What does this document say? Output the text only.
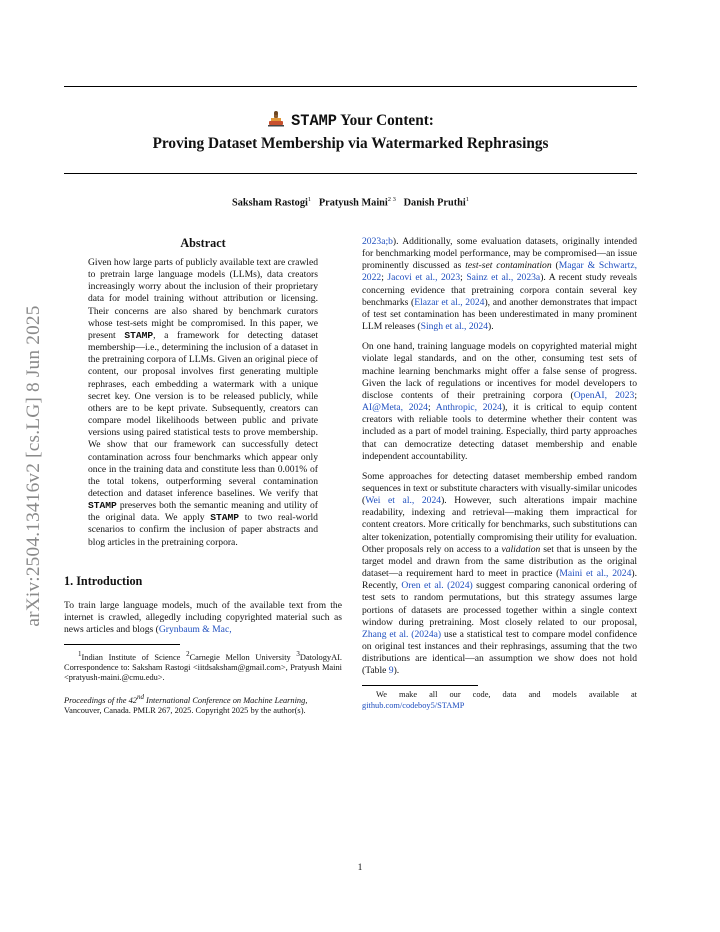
STAMP Your Content:
Proving Dataset Membership via Watermarked Rephrasings
Saksham Rastogi$^1$ Pratyush Maini$^{2 3}$ Danish Pruthi$^1$
arXiv:2504.13416v2 [cs.LG] 8 Jun 2025
Abstract
Given how large parts of publicly available text are crawled to pretrain large language models (LLMs), data creators increasingly worry about the inclusion of their proprietary data for model training without attribution or licensing. Their concerns are also shared by benchmark curators whose test-sets might be compromised. In this paper, we present STAMP, a framework for detecting dataset membership—i.e., determining the inclusion of a dataset in the pretraining corpora of LLMs. Given an original piece of content, our proposal involves first generating multiple rephrases, each embedding a watermark with a unique secret key. One version is to be released publicly, while others are to be kept private. Subsequently, creators can compare model likelihoods between public and private versions using paired statistical tests to prove membership. We show that our framework can successfully detect contamination across four benchmarks which appear only once in the training data and constitute less than 0.001% of the total tokens, outperforming several contamination detection and dataset inference baselines. We verify that STAMP preserves both the semantic meaning and utility of the original data. We apply STAMP to two real-world scenarios to confirm the inclusion of paper abstracts and blog articles in the pretraining corpora.
1. Introduction
To train large language models, much of the available text from the internet is crawled, allegedly including copyrighted material such as news articles and blogs (Grynbaum & Mac,
$^1$Indian Institute of Science $^2$Carnegie Mellon University $^3$DatologyAI. Correspondence to: Saksham Rastogi <iitdsaksham@gmail.com>, Pratyush Maini <pratyush-maini.@cmu.edu>.
Proceedings of the 42nd International Conference on Machine Learning, Vancouver, Canada. PMLR 267, 2025. Copyright 2025 by the author(s).
2023a;b). Additionally, some evaluation datasets, originally intended for benchmarking model performance, may be compromised—an issue prominently discussed as test-set contamination (Magar & Schwartz, 2022; Jacovi et al., 2023; Sainz et al., 2023a). A recent study reveals concerning evidence that pretraining corpora contain several key benchmarks (Elazar et al., 2024), and another demonstrates that impact of test set contamination has been underestimated in many prominent LLM releases (Singh et al., 2024).
On one hand, training language models on copyrighted material might violate legal standards, and on the other, consuming test sets of machine learning benchmarks might offer a false sense of progress. Given the lack of regulations or incentives for model developers to disclose contents of their pretraining corpora (OpenAI, 2023; AI@Meta, 2024; Anthropic, 2024), it is critical to equip content creators with reliable tools to determine whether their content was included as a part of model training. Especially, third party approaches that can democratize detecting dataset membership and enable independent accountability.
Some approaches for detecting dataset membership embed random sequences in text or substitute characters with visually-similar unicodes (Wei et al., 2024). However, such alterations impair machine readability, indexing and retrieval—making them impractical for content creators. More critically for benchmarks, such substitutions can alter tokenization, potentially compromising their utility for evaluation. Other proposals rely on access to a validation set that is unseen by the target model and drawn from the same distribution as the original dataset—a requirement hard to meet in practice (Maini et al., 2024). Recently, Oren et al. (2024) suggest comparing canonical ordering of test sets to random permutations, but this strategy assumes large portions of datasets are processed together within a single context window during pretraining. Most closely related to our proposal, Zhang et al. (2024a) use a statistical test to compare model confidence on original test instances and their rephrasings, assuming that the two distributions are identical—an assumption we show does not hold (Table 9).
We make all our code, data and models available at github.com/codeboy5/STAMP
1
